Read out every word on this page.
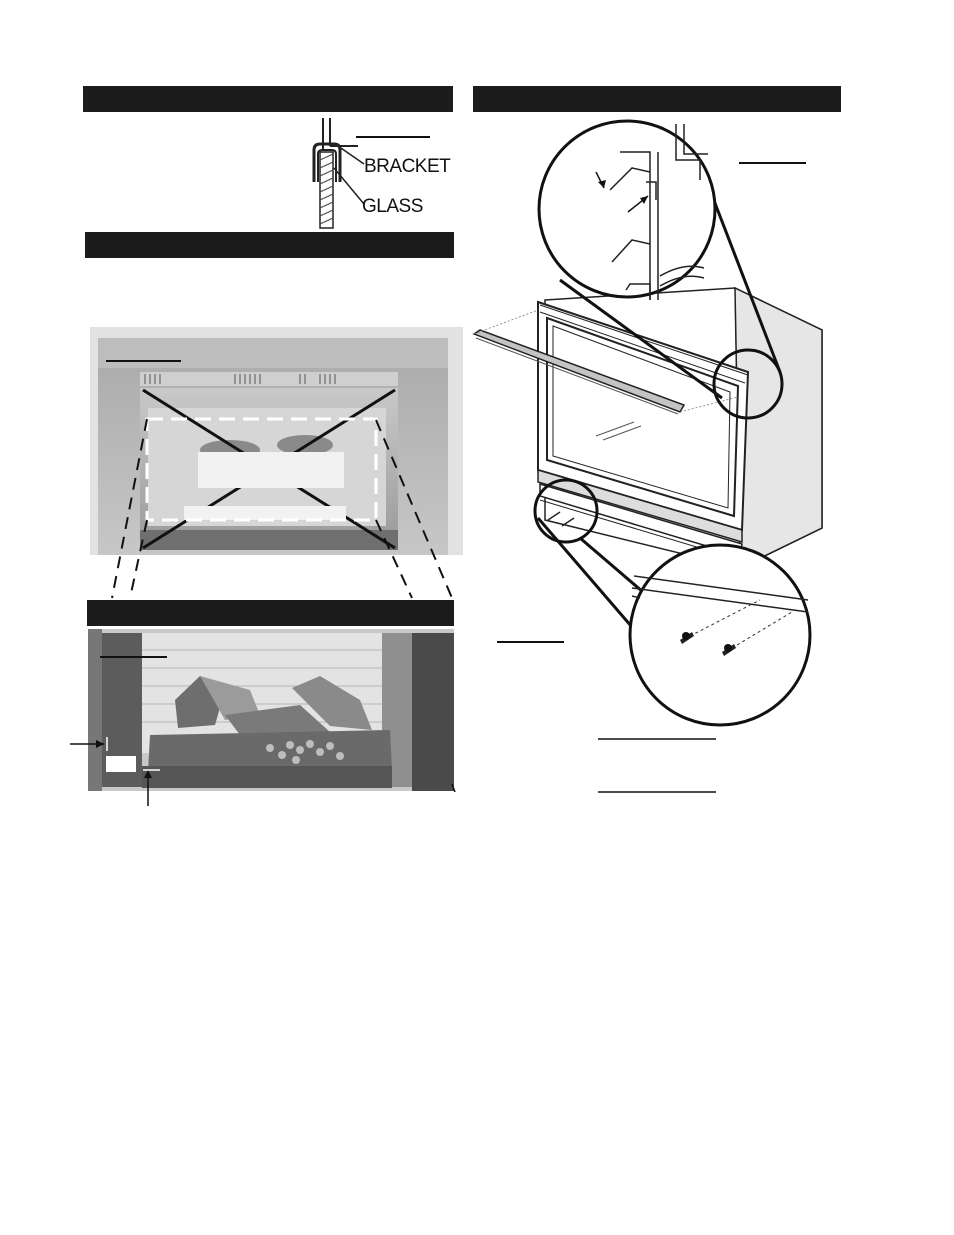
BRACKET
GLASS
